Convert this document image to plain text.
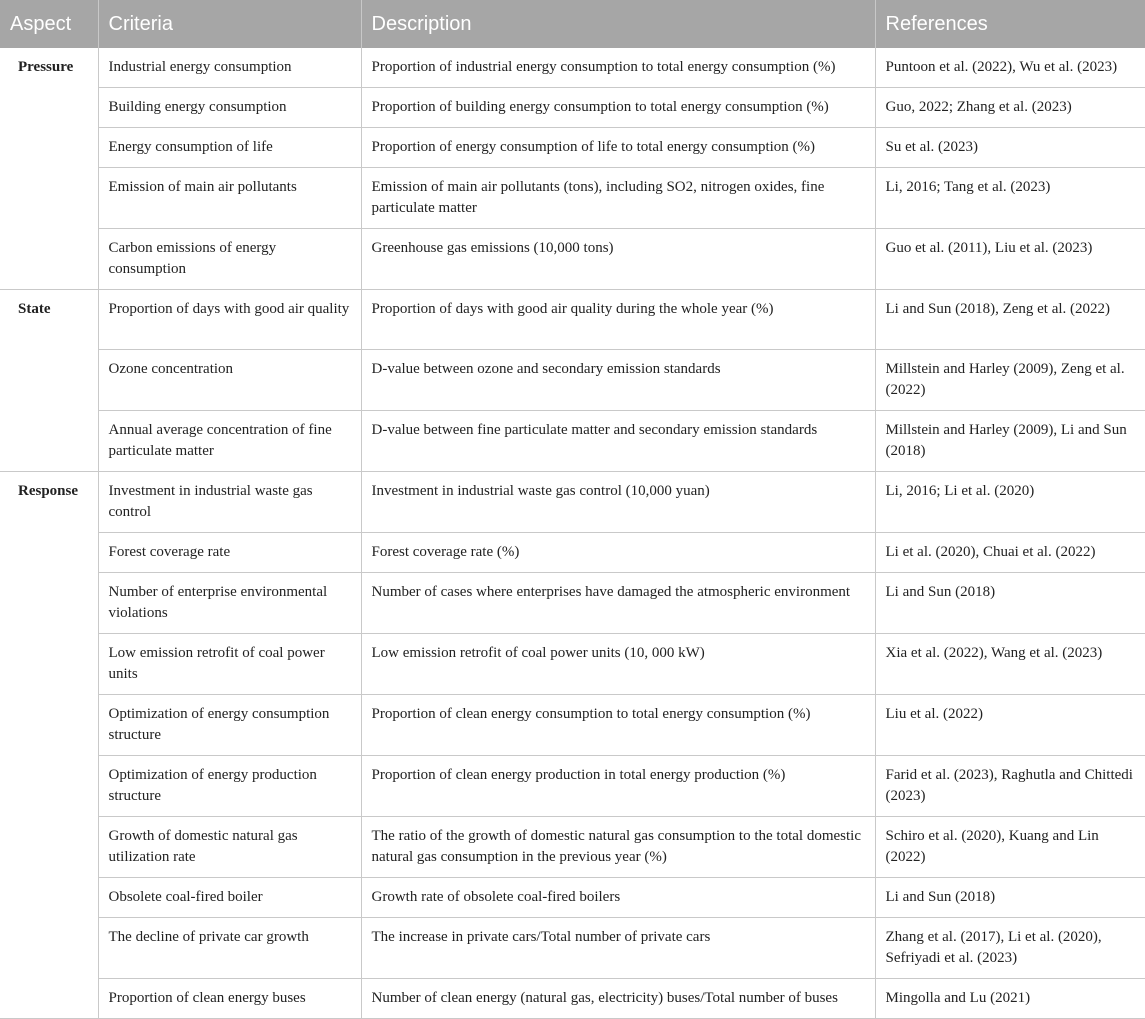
Aspect	Criteria	Description	References
Pressure	Industrial energy consumption	Proportion of industrial energy consumption to total energy consumption (%)	Puntoon et al. (2022), Wu et al. (2023)
	Building energy consumption	Proportion of building energy consumption to total energy consumption (%)	Guo, 2022; Zhang et al. (2023)
	Energy consumption of life	Proportion of energy consumption of life to total energy consumption (%)	Su et al. (2023)
	Emission of main air pollutants	Emission of main air pollutants (tons), including SO2, nitrogen oxides, fine particulate matter	Li, 2016; Tang et al. (2023)
	Carbon emissions of energy consumption	Greenhouse gas emissions (10,000 tons)	Guo et al. (2011), Liu et al. (2023)
State	Proportion of days with good air quality	Proportion of days with good air quality during the whole year (%)	Li and Sun (2018), Zeng et al. (2022)
	Ozone concentration	D-value between ozone and secondary emission standards	Millstein and Harley (2009), Zeng et al. (2022)
	Annual average concentration of fine particulate matter	D-value between fine particulate matter and secondary emission standards	Millstein and Harley (2009), Li and Sun (2018)
Response	Investment in industrial waste gas control	Investment in industrial waste gas control (10,000 yuan)	Li, 2016; Li et al. (2020)
	Forest coverage rate	Forest coverage rate (%)	Li et al. (2020), Chuai et al. (2022)
	Number of enterprise environmental violations	Number of cases where enterprises have damaged the atmospheric environment	Li and Sun (2018)
	Low emission retrofit of coal power units	Low emission retrofit of coal power units (10, 000 kW)	Xia et al. (2022), Wang et al. (2023)
	Optimization of energy consumption structure	Proportion of clean energy consumption to total energy consumption (%)	Liu et al. (2022)
	Optimization of energy production structure	Proportion of clean energy production in total energy production (%)	Farid et al. (2023), Raghutla and Chittedi (2023)
	Growth of domestic natural gas utilization rate	The ratio of the growth of domestic natural gas consumption to the total domestic natural gas consumption in the previous year (%)	Schiro et al. (2020), Kuang and Lin (2022)
	Obsolete coal-fired boiler	Growth rate of obsolete coal-fired boilers	Li and Sun (2018)
	The decline of private car growth	The increase in private cars/Total number of private cars	Zhang et al. (2017), Li et al. (2020), Sefriyadi et al. (2023)
	Proportion of clean energy buses	Number of clean energy (natural gas, electricity) buses/Total number of buses	Mingolla and Lu (2021)
